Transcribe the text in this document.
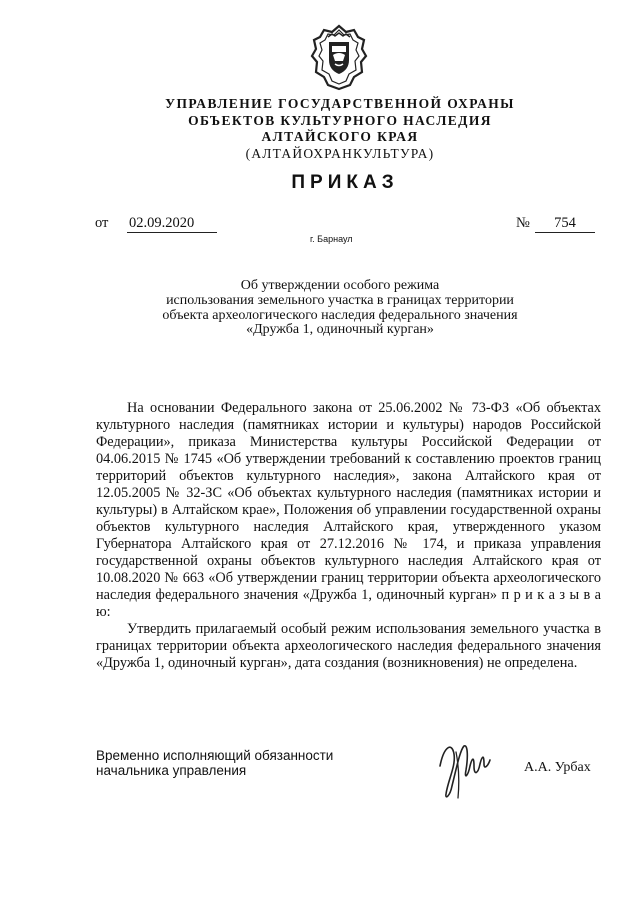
УПРАВЛЕНИЕ ГОСУДАРСТВЕННОЙ ОХРАНЫ
ОБЪЕКТОВ КУЛЬТУРНОГО НАСЛЕДИЯ
АЛТАЙСКОГО КРАЯ
(АЛТАЙОХРАНКУЛЬТУРА)
ПРИКАЗ
от 02.09.2020	№	754
г. Барнаул
Об утверждении особого режима
использования земельного участка в границах территории
объекта археологического наследия федерального значения
«Дружба 1, одиночный курган»

На основании Федерального закона от 25.06.2002 № 73-ФЗ «Об объектах культурного наследия (памятниках истории и культуры) народов Российской Федерации», приказа Министерства культуры Российской Федерации от 04.06.2015 № 1745 «Об утверждении требований к составлению проектов границ территорий объектов культурного наследия», закона Алтайского края от 12.05.2005 № 32-ЗС «Об объектах культурного наследия (памятниках истории и культуры) в Алтайском крае», Положения об управлении государственной охраны объектов культурного наследия Алтайского края, утвержденного указом Губернатора Алтайского края от 27.12.2016 № 174, и приказа управления государственной охраны объектов культурного наследия Алтайского края от 10.08.2020 № 663 «Об утверждении границ территории объекта археологического наследия федерального значения «Дружба 1, одиночный курган» п р и к а з ы в а ю:

Утвердить прилагаемый особый режим использования земельного участка в границах территории объекта археологического наследия федерального значения «Дружба 1, одиночный курган», дата создания (возникновения) не определена.

Временно исполняющий обязанности
начальника управления	А.А. Урбах
